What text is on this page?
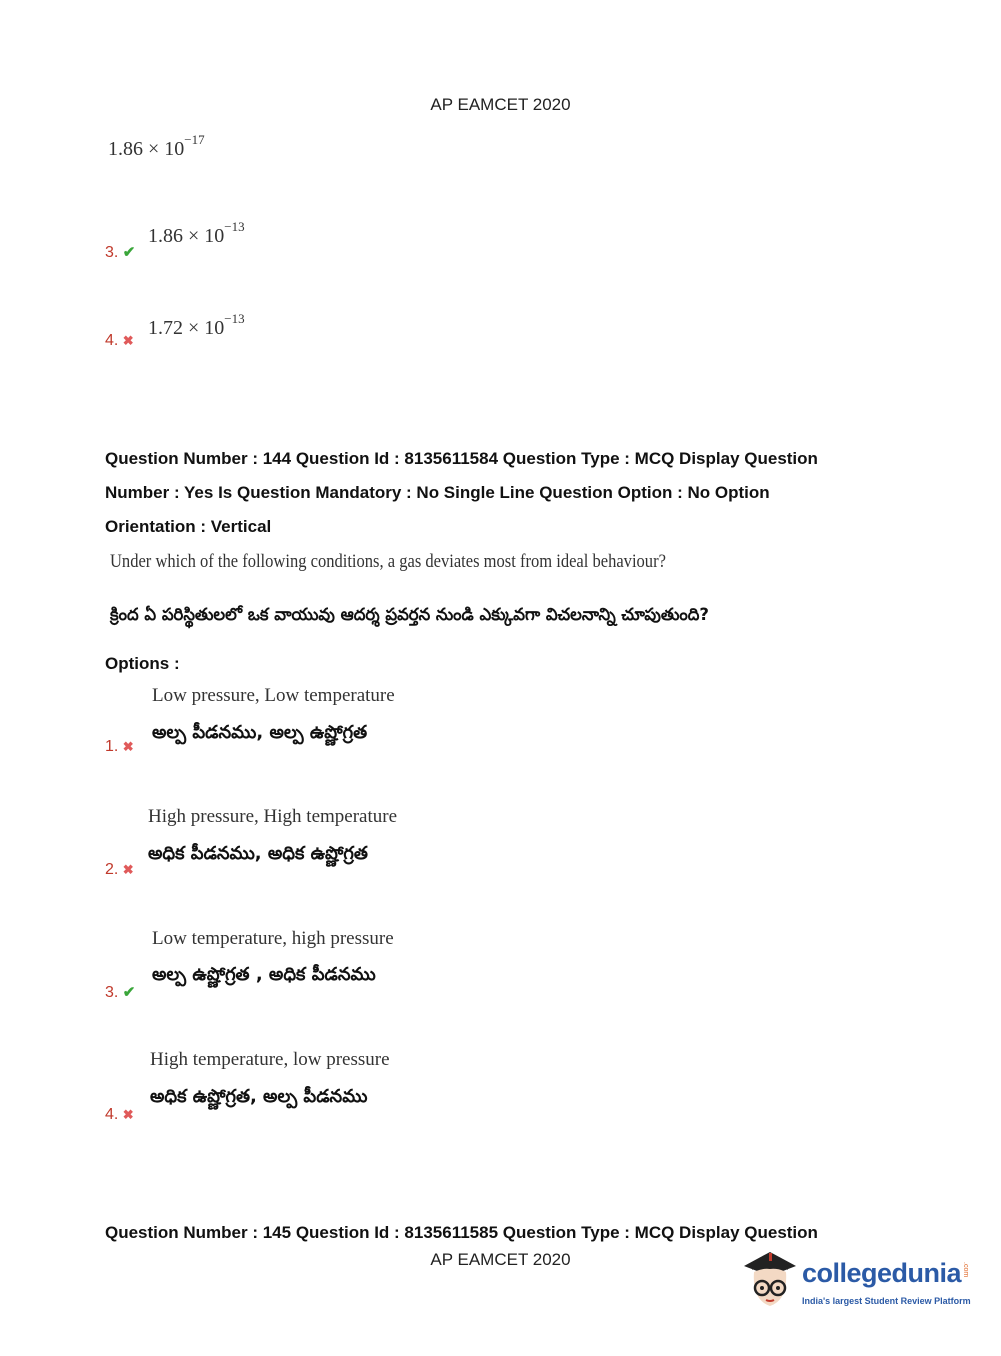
AP EAMCET 2020
$1.86 \times 10^{-17}$
3. ✔
$1.86 \times 10^{-13}$
4. ✖
$1.72 \times 10^{-13}$
Question Number : 144 Question Id : 8135611584 Question Type : MCQ Display Question
Number : Yes Is Question Mandatory : No Single Line Question Option : No Option
Orientation : Vertical
Under which of the following conditions, a gas deviates most from ideal behaviour?
క్రింద ఏ పరిస్థితులలో ఒక వాయువు ఆదర్శ ప్రవర్తన నుండి ఎక్కువగా విచలనాన్ని చూపుతుంది?
Options :
Low pressure, Low temperature
అల్ప పీడనము, అల్ప ఉష్ణోగ్రత
1. ✖
High pressure, High temperature
అధిక పీడనము, అధిక ఉష్ణోగ్రత
2. ✖
Low temperature, high pressure
అల్ప ఉష్ణోగ్రత , అధిక పీడనము
3. ✔
High temperature, low pressure
అధిక ఉష్ణోగ్రత, అల్ప పీడనము
4. ✖
Question Number : 145 Question Id : 8135611585 Question Type : MCQ Display Question
AP EAMCET 2020	collegedunia .com
India's largest Student Review Platform
